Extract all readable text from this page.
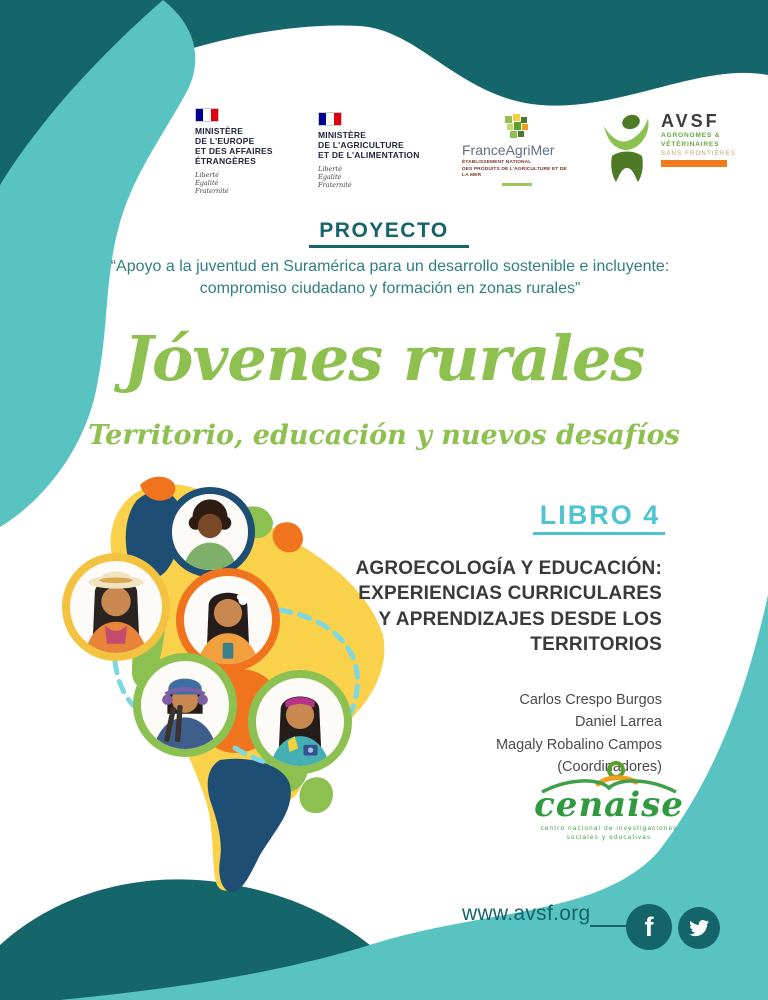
MINISTÈRE
DE L'EUROPE
ET DES AFFAIRES
ÉTRANGÈRES
Liberté
Égalité
Fraternité
MINISTÈRE
DE L'AGRICULTURE
ET DE L'ALIMENTATION
Liberté
Égalité
Fraternité
FranceAgriMer
ÉTABLISSEMENT NATIONAL
DES PRODUITS DE L'AGRICULTURE ET DE LA MER
AVSF
AGRONOMES &
VÉTÉRINAIRES
SANS FRONTIÈRES
PROYECTO
“Apoyo a la juventud en Suramérica para un desarrollo sostenible e incluyente: compromiso ciudadano y formación en zonas rurales”
Jóvenes rurales
Territorio, educación y nuevos desafíos
LIBRO 4
AGROECOLOGÍA Y EDUCACIÓN:
EXPERIENCIAS CURRICULARES
Y APRENDIZAJES DESDE LOS
TERRITORIOS
Carlos Crespo Burgos
Daniel Larrea
Magaly Robalino Campos
(Coordinadores)
cenaise
centro nacional de investigaciones
sociales y educativas
www.avsf.org	f
